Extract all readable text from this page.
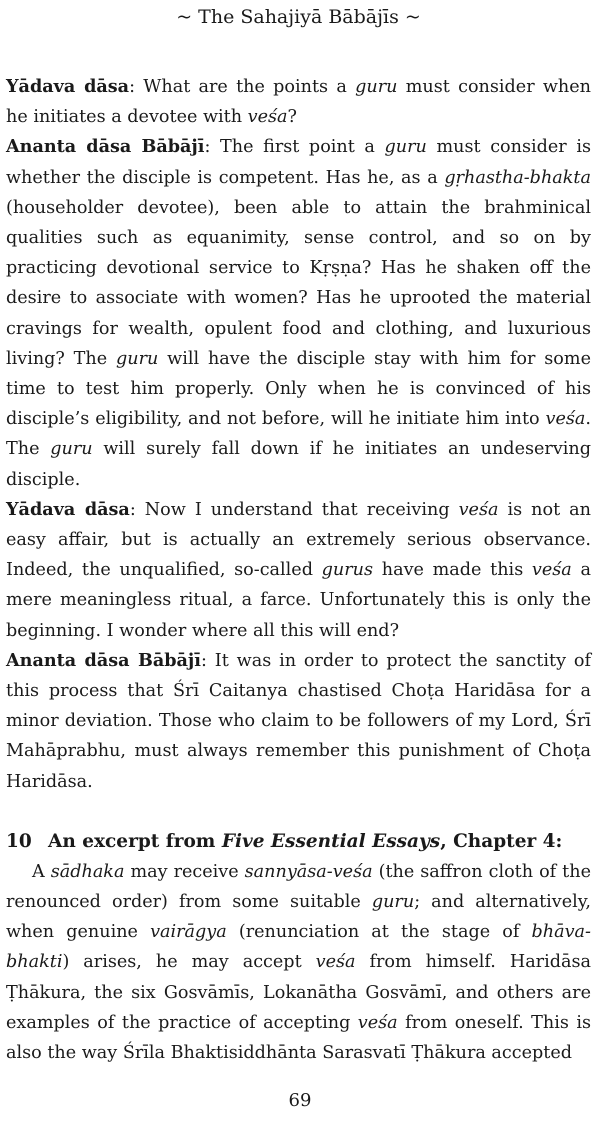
~ The Sahajiyā Bābājīs ~

Yādava dāsa: What are the points a guru must consider when he initiates a devotee with veśa?

Ananta dāsa Bābājī: The first point a guru must consider is whether the disciple is competent. Has he, as a gṛhastha-bhakta (householder devotee), been able to attain the brahminical qualities such as equanimity, sense control, and so on by practicing devotional service to Kṛṣṇa? Has he shaken off the desire to associate with women? Has he uprooted the material cravings for wealth, opulent food and clothing, and luxurious living? The guru will have the disciple stay with him for some time to test him properly. Only when he is convinced of his disciple’s eligibility, and not before, will he initiate him into veśa. The guru will surely fall down if he initiates an undeserving disciple.

Yādava dāsa: Now I understand that receiving veśa is not an easy affair, but is actually an extremely serious observance. Indeed, the unqualified, so-called gurus have made this veśa a mere meaningless ritual, a farce. Unfortunately this is only the beginning. I wonder where all this will end?

Ananta dāsa Bābājī: It was in order to protect the sanctity of this process that Śrī Caitanya chastised Choṭa Haridāsa for a minor deviation. Those who claim to be followers of my Lord, Śrī Mahāprabhu, must always remember this punishment of Choṭa Haridāsa.

10 An excerpt from Five Essential Essays, Chapter 4:

A sādhaka may receive sannyāsa-veśa (the saffron cloth of the renounced order) from some suitable guru; and alternatively, when genuine vairāgya (renunciation at the stage of bhāva-bhakti) arises, he may accept veśa from himself. Haridāsa Ṭhākura, the six Gosvāmīs, Lokanātha Gosvāmī, and others are examples of the practice of accepting veśa from oneself. This is also the way Śrīla Bhaktisiddhānta Sarasvatī Ṭhākura accepted

69
